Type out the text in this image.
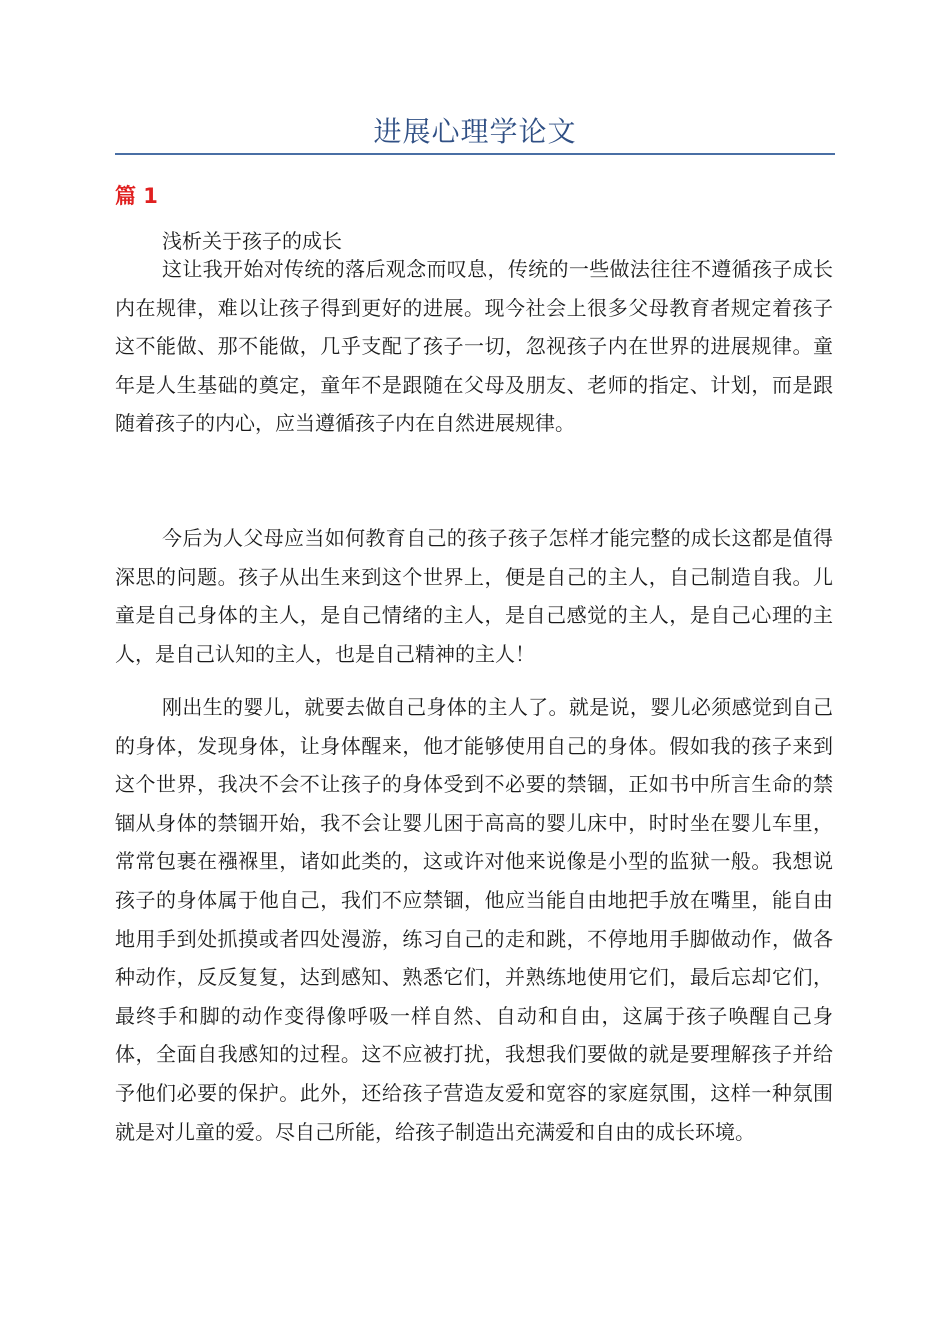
进展心理学论文
篇 1
浅析关于孩子的成长

这让我开始对传统的落后观念而叹息，传统的一些做法往往不遵循孩子成长内在规律，难以让孩子得到更好的进展。现今社会上很多父母教育者规定着孩子这不能做、那不能做，几乎支配了孩子一切，忽视孩子内在世界的进展规律。童年是人生基础的奠定，童年不是跟随在父母及朋友、老师的指定、计划，而是跟随着孩子的内心，应当遵循孩子内在自然进展规律。

今后为人父母应当如何教育自己的孩子孩子怎样才能完整的成长这都是值得深思的问题。孩子从出生来到这个世界上，便是自己的主人，自己制造自我。儿童是自己身体的主人，是自己情绪的主人，是自己感觉的主人，是自己心理的主人，是自己认知的主人，也是自己精神的主人！

刚出生的婴儿，就要去做自己身体的主人了。就是说，婴儿必须感觉到自己的身体，发现身体，让身体醒来，他才能够使用自己的身体。假如我的孩子来到这个世界，我决不会不让孩子的身体受到不必要的禁锢，正如书中所言生命的禁锢从身体的禁锢开始，我不会让婴儿困于高高的婴儿床中，时时坐在婴儿车里，常常包裹在襁褓里，诸如此类的，这或许对他来说像是小型的监狱一般。我想说孩子的身体属于他自己，我们不应禁锢，他应当能自由地把手放在嘴里，能自由地用手到处抓摸或者四处漫游，练习自己的走和跳，不停地用手脚做动作，做各种动作，反反复复，达到感知、熟悉它们，并熟练地使用它们，最后忘却它们，最终手和脚的动作变得像呼吸一样自然、自动和自由，这属于孩子唤醒自己身体，全面自我感知的过程。这不应被打扰，我想我们要做的就是要理解孩子并给予他们必要的保护。此外，还给孩子营造友爱和宽容的家庭氛围，这样一种氛围就是对儿童的爱。尽自己所能，给孩子制造出充满爱和自由的成长环境。
